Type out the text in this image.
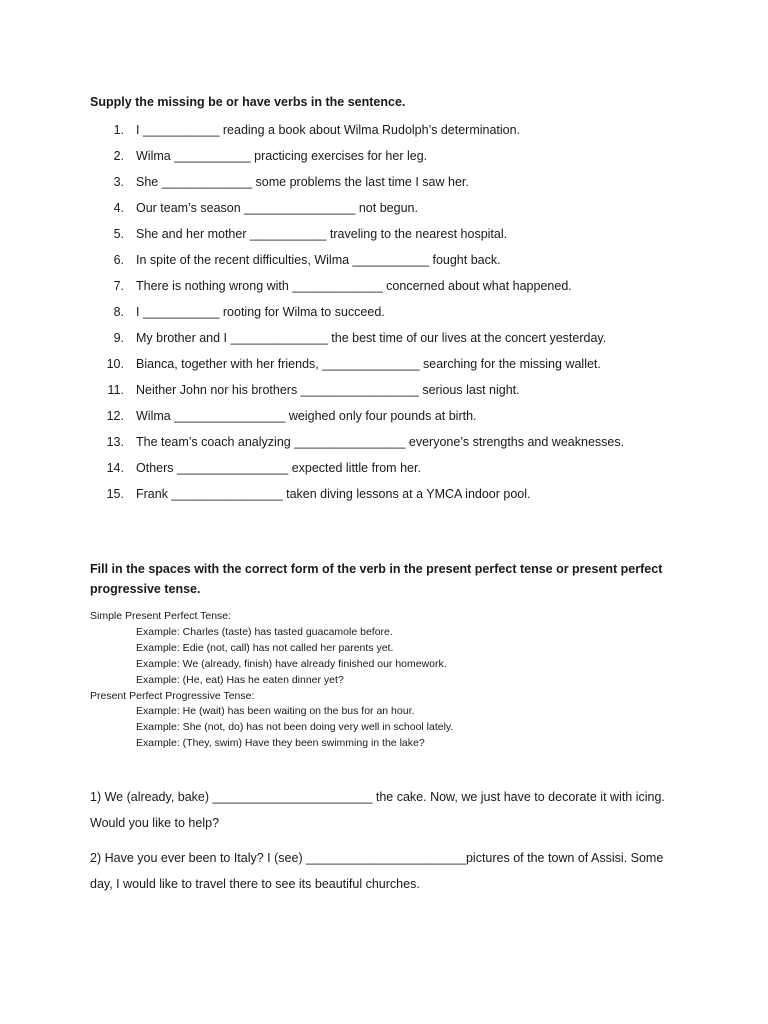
Supply the missing be or have verbs in the sentence.

1. I ___________ reading a book about Wilma Rudolph’s determination.
2. Wilma ___________ practicing exercises for her leg.
3. She _____________ some problems the last time I saw her.
4. Our team’s season ________________ not begun.
5. She and her mother ___________ traveling to the nearest hospital.
6. In spite of the recent difficulties, Wilma ___________ fought back.
7. There is nothing wrong with _____________ concerned about what happened.
8. I ___________ rooting for Wilma to succeed.
9. My brother and I ______________ the best time of our lives at the concert yesterday.
10. Bianca, together with her friends, ______________ searching for the missing wallet.
11. Neither John nor his brothers _________________ serious last night.
12. Wilma ________________ weighed only four pounds at birth.
13. The team’s coach analyzing ________________ everyone’s strengths and weaknesses.
14. Others ________________ expected little from her.
15. Frank ________________ taken diving lessons at a YMCA indoor pool.

Fill in the spaces with the correct form of the verb in the present perfect tense or present perfect
progressive tense.

Simple Present Perfect Tense:

Example: Charles (taste) has tasted guacamole before.

Example: Edie (not, call) has not called her parents yet.

Example: We (already, finish) have already finished our homework.

Example: (He, eat) Has he eaten dinner yet?

Present Perfect Progressive Tense:

Example: He (wait) has been waiting on the bus for an hour.

Example: She (not, do) has not been doing very well in school lately.

Example: (They, swim) Have they been swimming in the lake?

1) We (already, bake) _______________________ the cake. Now, we just have to decorate it with icing.
Would you like to help?

2) Have you ever been to Italy? I (see) _______________________pictures of the town of Assisi. Some
day, I would like to travel there to see its beautiful churches.
